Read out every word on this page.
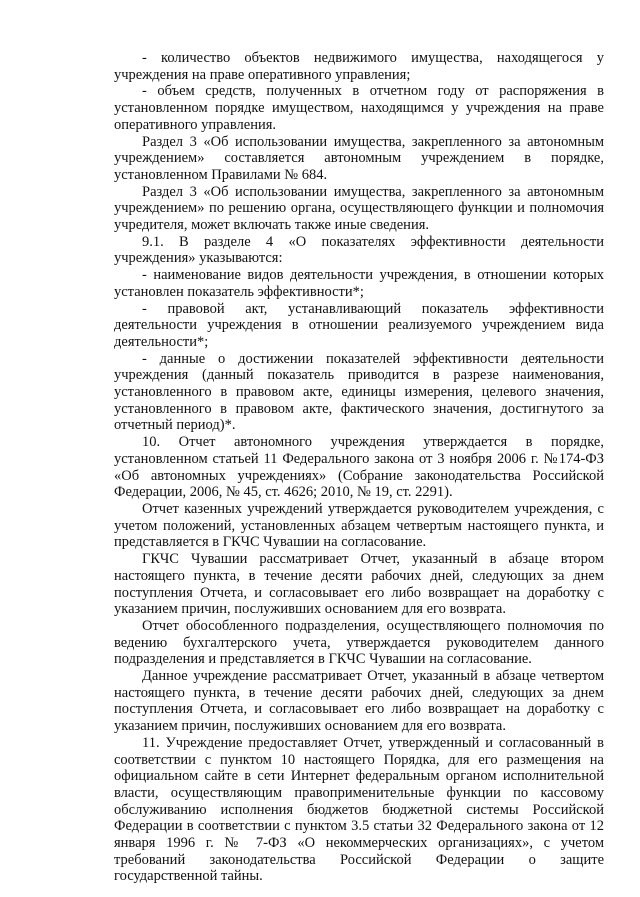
- количество объектов недвижимого имущества, находящегося у учреждения на праве оперативного управления;

- объем средств, полученных в отчетном году от распоряжения в установленном порядке имуществом, находящимся у учреждения на праве оперативного управления.

Раздел 3 «Об использовании имущества, закрепленного за автономным учреждением» составляется автономным учреждением в порядке, установленном Правилами № 684.

Раздел 3 «Об использовании имущества, закрепленного за автономным учреждением» по решению органа, осуществляющего функции и полномочия учредителя, может включать также иные сведения.

9.1. В разделе 4 «О показателях эффективности деятельности учреждения» указываются:

- наименование видов деятельности учреждения, в отношении которых установлен показатель эффективности*;

- правовой акт, устанавливающий показатель эффективности деятельности учреждения в отношении реализуемого учреждением вида деятельности*;

- данные о достижении показателей эффективности деятельности учреждения (данный показатель приводится в разрезе наименования, установленного в правовом акте, единицы измерения, целевого значения, установленного в правовом акте, фактического значения, достигнутого за отчетный период)*.

10. Отчет автономного учреждения утверждается в порядке, установленном статьей 11 Федерального закона от 3 ноября 2006 г. №174-ФЗ «Об автономных учреждениях» (Собрание законодательства Российской Федерации, 2006, № 45, ст. 4626; 2010, № 19, ст. 2291).

Отчет казенных учреждений утверждается руководителем учреждения, с учетом положений, установленных абзацем четвертым настоящего пункта, и представляется в ГКЧС Чувашии на согласование.

ГКЧС Чувашии рассматривает Отчет, указанный в абзаце втором настоящего пункта, в течение десяти рабочих дней, следующих за днем поступления Отчета, и согласовывает его либо возвращает на доработку с указанием причин, послуживших основанием для его возврата.

Отчет обособленного подразделения, осуществляющего полномочия по ведению бухгалтерского учета, утверждается руководителем данного подразделения и представляется в ГКЧС Чувашии на согласование.

Данное учреждение рассматривает Отчет, указанный в абзаце четвертом настоящего пункта, в течение десяти рабочих дней, следующих за днем поступления Отчета, и согласовывает его либо возвращает на доработку с указанием причин, послуживших основанием для его возврата.

11. Учреждение предоставляет Отчет, утвержденный и согласованный в соответствии с пунктом 10 настоящего Порядка, для его размещения на официальном сайте в сети Интернет федеральным органом исполнительной власти, осуществляющим правоприменительные функции по кассовому обслуживанию исполнения бюджетов бюджетной системы Российской Федерации в соответствии с пунктом 3.5 статьи 32 Федерального закона от 12 января 1996 г. № 7-ФЗ «О некоммерческих организациях», с учетом требований законодательства Российской Федерации о защите государственной тайны.
